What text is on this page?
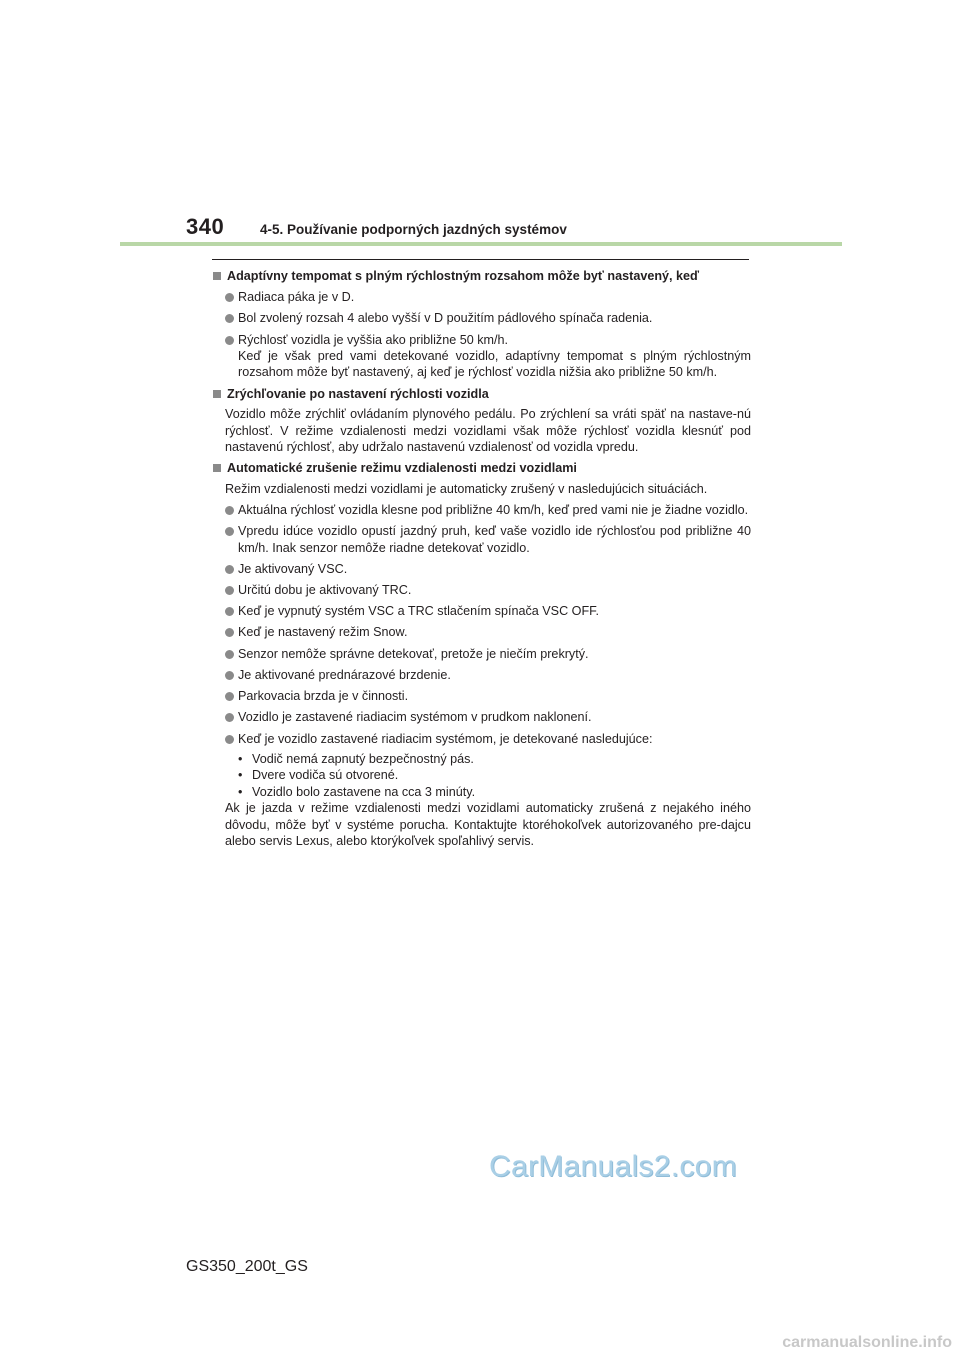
340	4-5. Používanie podporných jazdných systémov
Adaptívny tempomat s plným rýchlostným rozsahom môže byť nastavený, keď
Radiaca páka je v D.
Bol zvolený rozsah 4 alebo vyšší v D použitím pádlového spínača radenia.
Rýchlosť vozidla je vyššia ako približne 50 km/h.
Keď je však pred vami detekované vozidlo, adaptívny tempomat s plným rýchlostným rozsahom môže byť nastavený, aj keď je rýchlosť vozidla nižšia ako približne 50 km/h.
Zrýchľovanie po nastavení rýchlosti vozidla
Vozidlo môže zrýchliť ovládaním plynového pedálu. Po zrýchlení sa vráti späť na nastave-nú rýchlosť. V režime vzdialenosti medzi vozidlami však môže rýchlosť vozidla klesnúť pod nastavenú rýchlosť, aby udržalo nastavenú vzdialenosť od vozidla vpredu.
Automatické zrušenie režimu vzdialenosti medzi vozidlami
Režim vzdialenosti medzi vozidlami je automaticky zrušený v nasledujúcich situáciách.
Aktuálna rýchlosť vozidla klesne pod približne 40 km/h, keď pred vami nie je žiadne vozidlo.
Vpredu idúce vozidlo opustí jazdný pruh, keď vaše vozidlo ide rýchlosťou pod približne 40 km/h. Inak senzor nemôže riadne detekovať vozidlo.
Je aktivovaný VSC.
Určitú dobu je aktivovaný TRC.
Keď je vypnutý systém VSC a TRC stlačením spínača VSC OFF.
Keď je nastavený režim Snow.
Senzor nemôže správne detekovať, pretože je niečím prekrytý.
Je aktivované prednárazové brzdenie.
Parkovacia brzda je v činnosti.
Vozidlo je zastavené riadiacim systémom v prudkom naklonení.
Keď je vozidlo zastavené riadiacim systémom, je detekované nasledujúce:
• Vodič nemá zapnutý bezpečnostný pás.
• Dvere vodiča sú otvorené.
• Vozidlo bolo zastavene na cca 3 minúty.
Ak je jazda v režime vzdialenosti medzi vozidlami automaticky zrušená z nejakého iného dôvodu, môže byť v systéme porucha. Kontaktujte ktoréhokoľvek autorizovaného pre-dajcu alebo servis Lexus, alebo ktorýkoľvek spoľahlivý servis.
CarManuals2.com
GS350_200t_GS
carmanualsonline.info
